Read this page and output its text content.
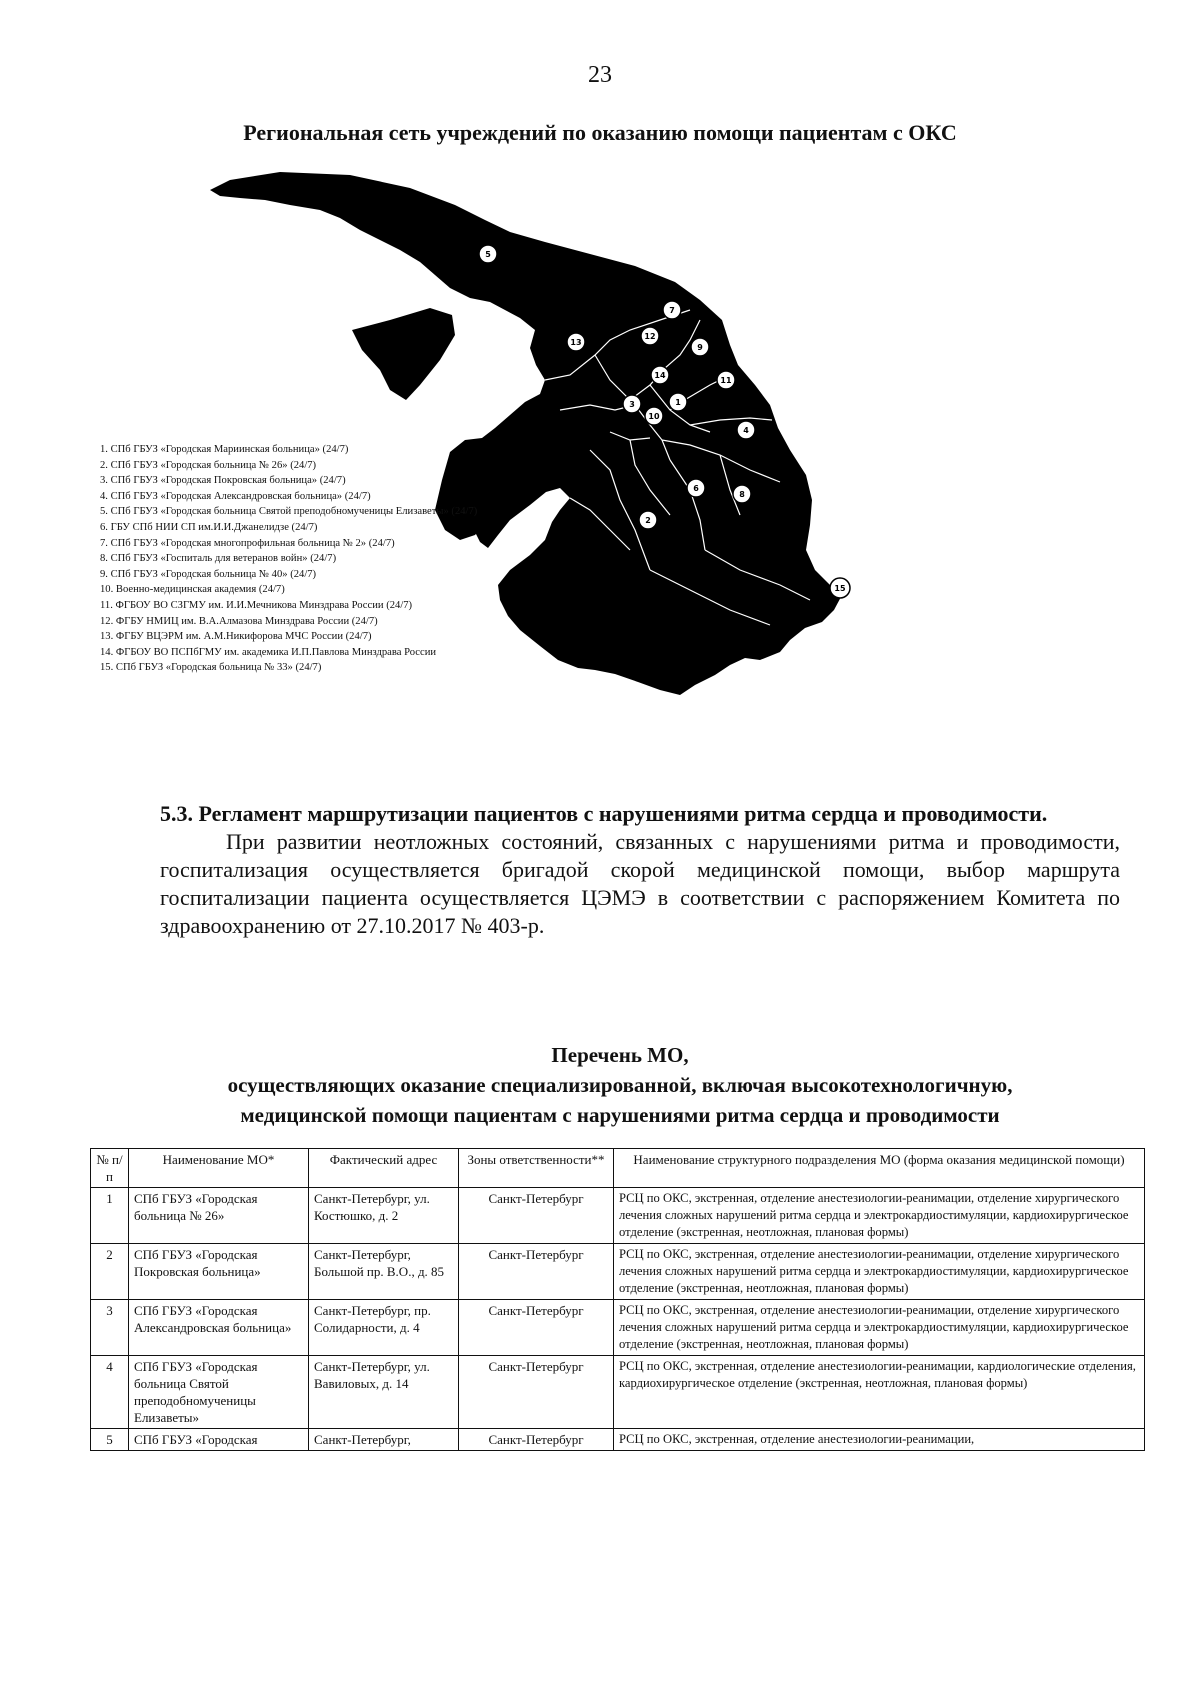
23
Региональная сеть учреждений по оказанию помощи пациентам с ОКС
1
2
3
4
5
6
7
8
9
10
11
12
13
14
15
1. СПб ГБУЗ «Городская Мариинская больница» (24/7)
2. СПб ГБУЗ «Городская больница № 26» (24/7)
3. СПб ГБУЗ «Городская Покровская больница» (24/7)
4. СПб ГБУЗ «Городская Александровская больница» (24/7)
5. СПб ГБУЗ «Городская больница Святой преподобномученицы Елизаветы» (24/7)
6. ГБУ СПб НИИ СП им.И.И.Джанелидзе (24/7)
7. СПб ГБУЗ «Городская многопрофильная больница № 2» (24/7)
8. СПб ГБУЗ «Госпиталь для ветеранов войн» (24/7)
9. СПб ГБУЗ «Городская больница № 40» (24/7)
10. Военно-медицинская академия (24/7)
11. ФГБОУ ВО СЗГМУ им. И.И.Мечникова Минздрава России (24/7)
12. ФГБУ НМИЦ им. В.А.Алмазова Минздрава России (24/7)
13. ФГБУ ВЦЭРМ им. А.М.Никифорова МЧС России (24/7)
14. ФГБОУ ВО ПСПбГМУ им. академика И.П.Павлова Минздрава России
15. СПб ГБУЗ «Городская больница № 33» (24/7)
5.3. Регламент маршрутизации пациентов с нарушениями ритма сердца и проводимости.

При развитии неотложных состояний, связанных с нарушениями ритма и проводимости, госпитализация осуществляется бригадой скорой медицинской помощи, выбор маршрута госпитализации пациента осуществляется ЦЭМЭ в соответствии с распоряжением Комитета по здравоохранению от 27.10.2017 № 403-р.

Перечень МО,
осуществляющих оказание специализированной, включая высокотехнологичную,
медицинской помощи пациентам с нарушениями ритма сердца и проводимости
№ п/ п	Наименование МО*	Фактический адрес	Зоны ответственности**	Наименование структурного подразделения МО (форма оказания медицинской помощи)
1	СПб ГБУЗ «Городская больница № 26»	Санкт-Петербург, ул. Костюшко, д. 2	Санкт-Петербург	РСЦ по ОКС, экстренная, отделение анестезиологии-реанимации, отделение хирургического лечения сложных нарушений ритма сердца и электрокардиостимуляции, кардиохирургическое отделение (экстренная, неотложная, плановая формы)
2	СПб ГБУЗ «Городская Покровская больница»	Санкт-Петербург, Большой пр. В.О., д. 85	Санкт-Петербург	РСЦ по ОКС, экстренная, отделение анестезиологии-реанимации, отделение хирургического лечения сложных нарушений ритма сердца и электрокардиостимуляции, кардиохирургическое отделение (экстренная, неотложная, плановая формы)
3	СПб ГБУЗ «Городская Александровская больница»	Санкт-Петербург, пр. Солидарности, д. 4	Санкт-Петербург	РСЦ по ОКС, экстренная, отделение анестезиологии-реанимации, отделение хирургического лечения сложных нарушений ритма сердца и электрокардиостимуляции, кардиохирургическое отделение (экстренная, неотложная, плановая формы)
4	СПб ГБУЗ «Городская больница Святой преподобномученицы Елизаветы»	Санкт-Петербург, ул. Вавиловых, д. 14	Санкт-Петербург	РСЦ по ОКС, экстренная, отделение анестезиологии-реанимации, кардиологические отделения, кардиохирургическое отделение (экстренная, неотложная, плановая формы)
5	СПб ГБУЗ «Городская	Санкт-Петербург,	Санкт-Петербург	РСЦ по ОКС, экстренная, отделение анестезиологии-реанимации,
